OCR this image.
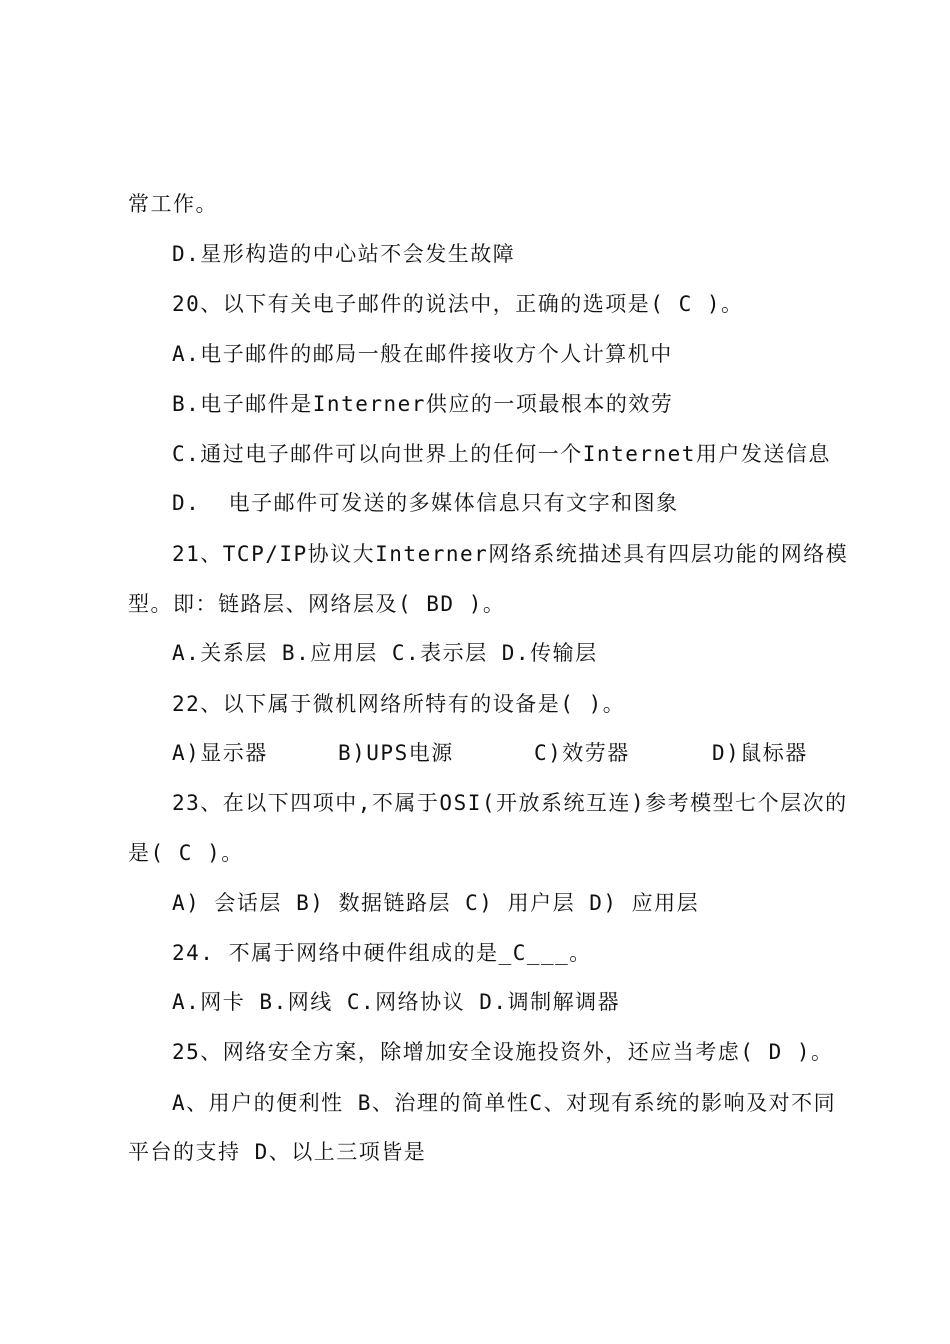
常工作。
D.星形构造的中心站不会发生故障
20、以下有关电子邮件的说法中，正确的选项是( C )。
A.电子邮件的邮局一般在邮件接收方个人计算机中
B.电子邮件是Interner供应的一项最根本的效劳
C.通过电子邮件可以向世界上的任何一个Internet用户发送信息
D.  电子邮件可发送的多媒体信息只有文字和图象
21、TCP/IP协议大Interner网络系统描述具有四层功能的网络模
型。即：链路层、网络层及( BD )。
A.关系层 B.应用层 C.表示层 D.传输层
22、以下属于微机网络所特有的设备是( )。
A)显示器	B)UPS电源	C)效劳器	D)鼠标器
23、在以下四项中,不属于OSI(开放系统互连)参考模型七个层次的
是( C )。
A) 会话层 B) 数据链路层 C) 用户层 D) 应用层
24. 不属于网络中硬件组成的是_C___。
A.网卡 B.网线 C.网络协议 D.调制解调器
25、网络安全方案，除增加安全设施投资外，还应当考虑( D )。
A、用户的便利性 B、治理的简单性C、对现有系统的影响及对不同
平台的支持 D、以上三项皆是
